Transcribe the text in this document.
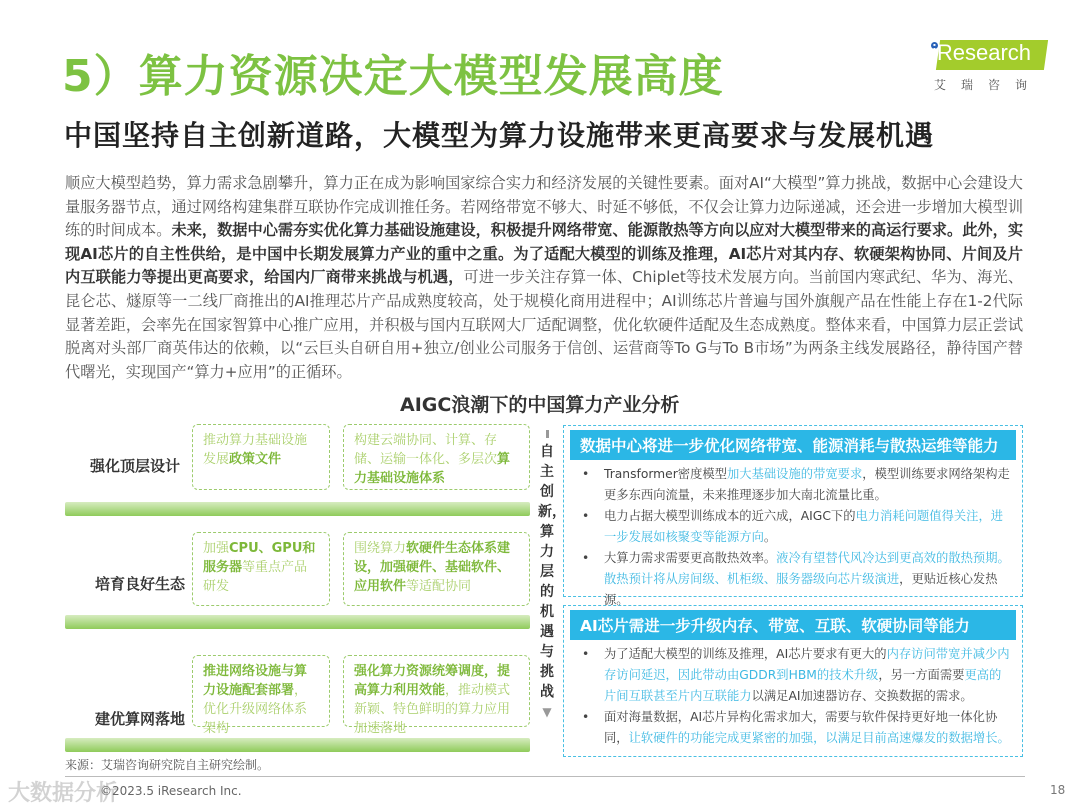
5）算力资源决定大模型发展高度
中国坚持自主创新道路，大模型为算力设施带来更高要求与发展机遇
iResearch
艾瑞咨询
顺应大模型趋势，算力需求急剧攀升，算力正在成为影响国家综合实力和经济发展的关键性要素。面对AI“大模型”算力挑战，数据中心会建设大量服务器节点，通过网络构建集群互联协作完成训推任务。若网络带宽不够大、时延不够低，不仅会让算力边际递减，还会进一步增加大模型训练的时间成本。未来，数据中心需夯实优化算力基础设施建设，积极提升网络带宽、能源散热等方向以应对大模型带来的高运行要求。此外，实现AI芯片的自主性供给，是中国中长期发展算力产业的重中之重。为了适配大模型的训练及推理，AI芯片对其内存、软硬架构协同、片间及片内互联能力等提出更高要求，给国内厂商带来挑战与机遇，可进一步关注存算一体、Chiplet等技术发展方向。当前国内寒武纪、华为、海光、昆仑芯、燧原等一二线厂商推出的AI推理芯片产品成熟度较高，处于规模化商用进程中；AI训练芯片普遍与国外旗舰产品在性能上存在1-2代际显著差距，会率先在国家智算中心推广应用，并积极与国内互联网大厂适配调整，优化软硬件适配及生态成熟度。整体来看，中国算力层正尝试脱离对头部厂商英伟达的依赖，以“云巨头自研自用+独立/创业公司服务于信创、运营商等To G与To B市场”为两条主线发展路径，静待国产替代曙光，实现国产“算力+应用”的正循环。
AIGC浪潮下的中国算力产业分析
强化顶层设计
推动算力基础设施发展政策文件
构建云端协同、计算、存储、运输一体化、多层次算力基础设施体系
培育良好生态
加强CPU、GPU和服务器等重点产品研发
围绕算力软硬件生态体系建设，加强硬件、基础软件、应用软件等适配协同
建优算网落地
推进网络设施与算力设施配套部署，优化升级网络体系架构
强化算力资源统筹调度，提高算力利用效能，推动模式新颖、特色鲜明的算力应用加速落地
自主创新，算力层的机遇与挑战
▼
数据中心将进一步优化网络带宽、能源消耗与散热运维等能力
• Transformer密度模型加大基础设施的带宽要求，模型训练要求网络架构走更多东西向流量，未来推理逐步加大南北流量比重。
• 电力占据大模型训练成本的近六成，AIGC下的电力消耗问题值得关注，进一步发展如核聚变等能源方向。
• 大算力需求需要更高散热效率。液冷有望替代风冷达到更高效的散热预期。散热预计将从房间级、机柜级、服务器级向芯片级演进，更贴近核心发热源。
AI芯片需进一步升级内存、带宽、互联、软硬协同等能力
• 为了适配大模型的训练及推理，AI芯片要求有更大的内存访问带宽并减少内存访问延迟，因此带动由GDDR到HBM的技术升级，另一方面需要更高的片间互联甚至片内互联能力以满足AI加速器访存、交换数据的需求。
• 面对海量数据，AI芯片异构化需求加大，需要与软件保持更好地一体化协同，让软硬件的功能完成更紧密的加强，以满足目前高速爆发的数据增长。
来源：艾瑞咨询研究院自主研究绘制。
大数据分析
©2023.5 iResearch Inc.	18
